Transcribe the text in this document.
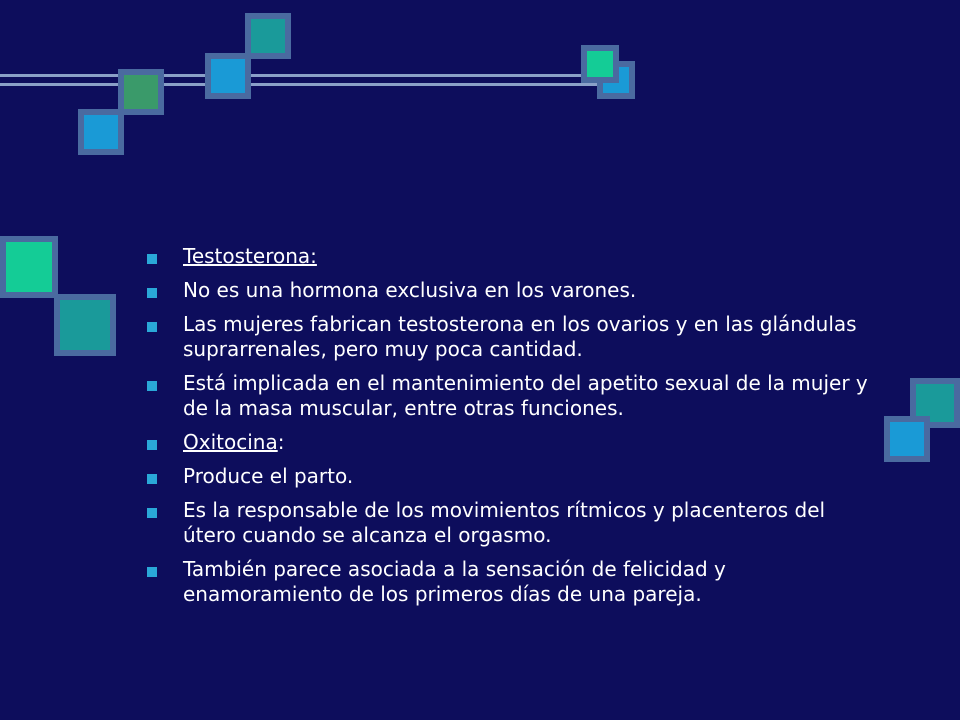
Testosterona:
No es una hormona exclusiva en los varones.
Las mujeres fabrican testosterona en los ovarios y en las glándulas suprarrenales, pero muy poca cantidad.
Está implicada en el mantenimiento del apetito sexual de la mujer y de la masa muscular, entre otras funciones.
Oxitocina:
Produce el parto.
Es la responsable de los movimientos rítmicos y placenteros del útero cuando se alcanza el orgasmo.
También parece asociada a la sensación de felicidad y enamoramiento de los primeros días de una pareja.
